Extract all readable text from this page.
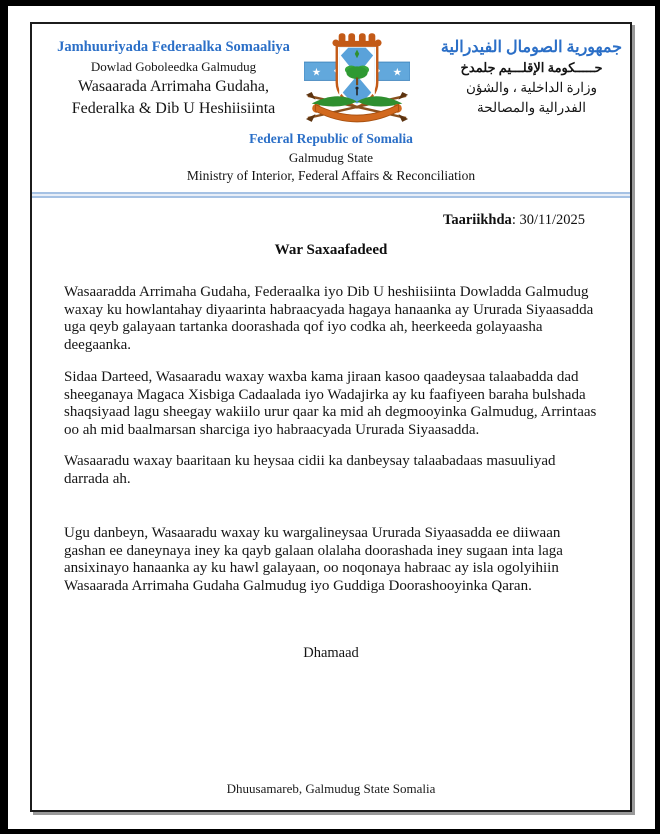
Jamhuuriyada Federaalka Somaaliya
Dowlad Goboleedka Galmudug
Wasaarada Arrimaha Gudaha,
Federalka & Dib U Heshiisiinta
★	★
جمهورية الصومال الفيدرالية
حـــــكومة الإقلـــيم جلمدخ
وزارة الداخلية ، والشؤن
الفدرالية والمصالحة
Federal Republic of Somalia
Galmudug State
Ministry of Interior, Federal Affairs & Reconciliation
Taariikhda: 30/11/2025
War Saxaafadeed

Wasaaradda Arrimaha Gudaha, Federaalka iyo Dib U heshiisiinta Dowladda Galmudug waxay ku howlantahay diyaarinta habraacyada hagaya hanaanka ay Ururada Siyaasadda uga qeyb galayaan tartanka doorashada qof iyo codka ah, heerkeeda golayaasha deegaanka.

Sidaa Darteed, Wasaaradu waxay waxba kama jiraan kasoo qaadeysaa talaabadda dad sheeganaya Magaca Xisbiga Cadaalada iyo Wadajirka ay ku faafiyeen baraha bulshada shaqsiyaad lagu sheegay wakiilo urur qaar ka mid ah degmooyinka Galmudug, Arrintaas oo ah mid baalmarsan sharciga iyo habraacyada Ururada Siyaasadda.

Wasaaradu waxay baaritaan ku heysaa cidii ka danbeysay talaabadaas masuuliyad darrada ah.

Ugu danbeyn, Wasaaradu waxay ku wargalineysaa Ururada Siyaasadda ee diiwaan gashan ee daneynaya iney ka qayb galaan olalaha doorashada iney sugaan inta laga ansixinayo hanaanka ay ku hawl galayaan, oo noqonaya habraac ay isla ogolyihiin Wasaarada Arrimaha Gudaha Galmudug iyo Guddiga Doorashooyinka Qaran.

Dhamaad
Dhuusamareb, Galmudug State Somalia
